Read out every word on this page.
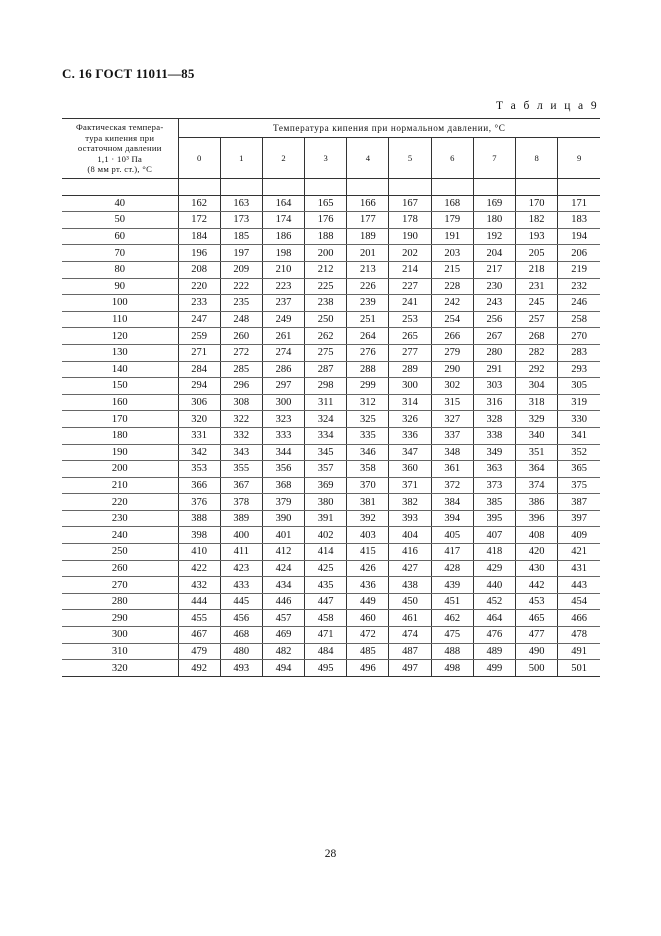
С. 16 ГОСТ 11011—85
Т а б л и ц а 9
Фактическая темпера-
тура кипения при
остаточном давлении
1,1 · 10³ Па
(8 мм рт. ст.), °С	Температура кипения при нормальном давлении, °С									
	0	1	2	3	4	5	6	7	8	9

40	162	163	164	165	166	167	168	169	170	171
50	172	173	174	176	177	178	179	180	182	183
60	184	185	186	188	189	190	191	192	193	194
70	196	197	198	200	201	202	203	204	205	206
80	208	209	210	212	213	214	215	217	218	219
90	220	222	223	225	226	227	228	230	231	232
100	233	235	237	238	239	241	242	243	245	246
110	247	248	249	250	251	253	254	256	257	258
120	259	260	261	262	264	265	266	267	268	270
130	271	272	274	275	276	277	279	280	282	283
140	284	285	286	287	288	289	290	291	292	293
150	294	296	297	298	299	300	302	303	304	305
160	306	308	300	311	312	314	315	316	318	319
170	320	322	323	324	325	326	327	328	329	330
180	331	332	333	334	335	336	337	338	340	341
190	342	343	344	345	346	347	348	349	351	352
200	353	355	356	357	358	360	361	363	364	365
210	366	367	368	369	370	371	372	373	374	375
220	376	378	379	380	381	382	384	385	386	387
230	388	389	390	391	392	393	394	395	396	397
240	398	400	401	402	403	404	405	407	408	409
250	410	411	412	414	415	416	417	418	420	421
260	422	423	424	425	426	427	428	429	430	431
270	432	433	434	435	436	438	439	440	442	443
280	444	445	446	447	449	450	451	452	453	454
290	455	456	457	458	460	461	462	464	465	466
300	467	468	469	471	472	474	475	476	477	478
310	479	480	482	484	485	487	488	489	490	491
320	492	493	494	495	496	497	498	499	500	501
28
